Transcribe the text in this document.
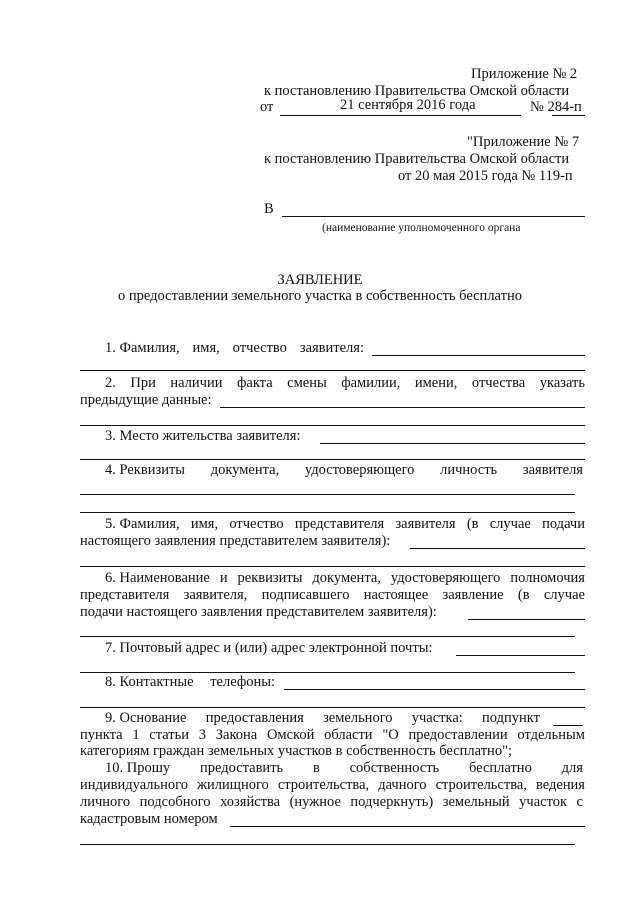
Приложение № 2
к постановлению Правительства Омской области
от	21 сентября 2016 года	№ 284-п
"Приложение № 7
к постановлению Правительства Омской области
от 20 мая 2015 года № 119-п
В
(наименование уполномоченного органа
ЗАЯВЛЕНИЕ
о предоставлении земельного участка в собственность бесплатно
1. Фамилия, имя, отчество заявителя:
2. При наличии факта смены фамилии, имени, отчества указать
предыдущие данные:
3. Место жительства заявителя:
4. Реквизиты документа, удостоверяющего личность заявителя
5. Фамилия, имя, отчество представителя заявителя (в случае подачи
настоящего заявления представителем заявителя):
6. Наименование и реквизиты документа, удостоверяющего полномочия
представителя заявителя, подписавшего настоящее заявление (в случае
подачи настоящего заявления представителем заявителя):
7. Почтовый адрес и (или) адрес электронной почты:
8. Контактные телефоны:
9. Основание предоставления земельного участка: подпункт
пункта 1 статьи 3 Закона Омской области "О предоставлении отдельным
категориям граждан земельных участков в собственность бесплатно";
10. Прошу предоставить в собственность бесплатно для
индивидуального жилищного строительства, дачного строительства, ведения
личного подсобного хозяйства (нужное подчеркнуть) земельный участок с
кадастровым номером
